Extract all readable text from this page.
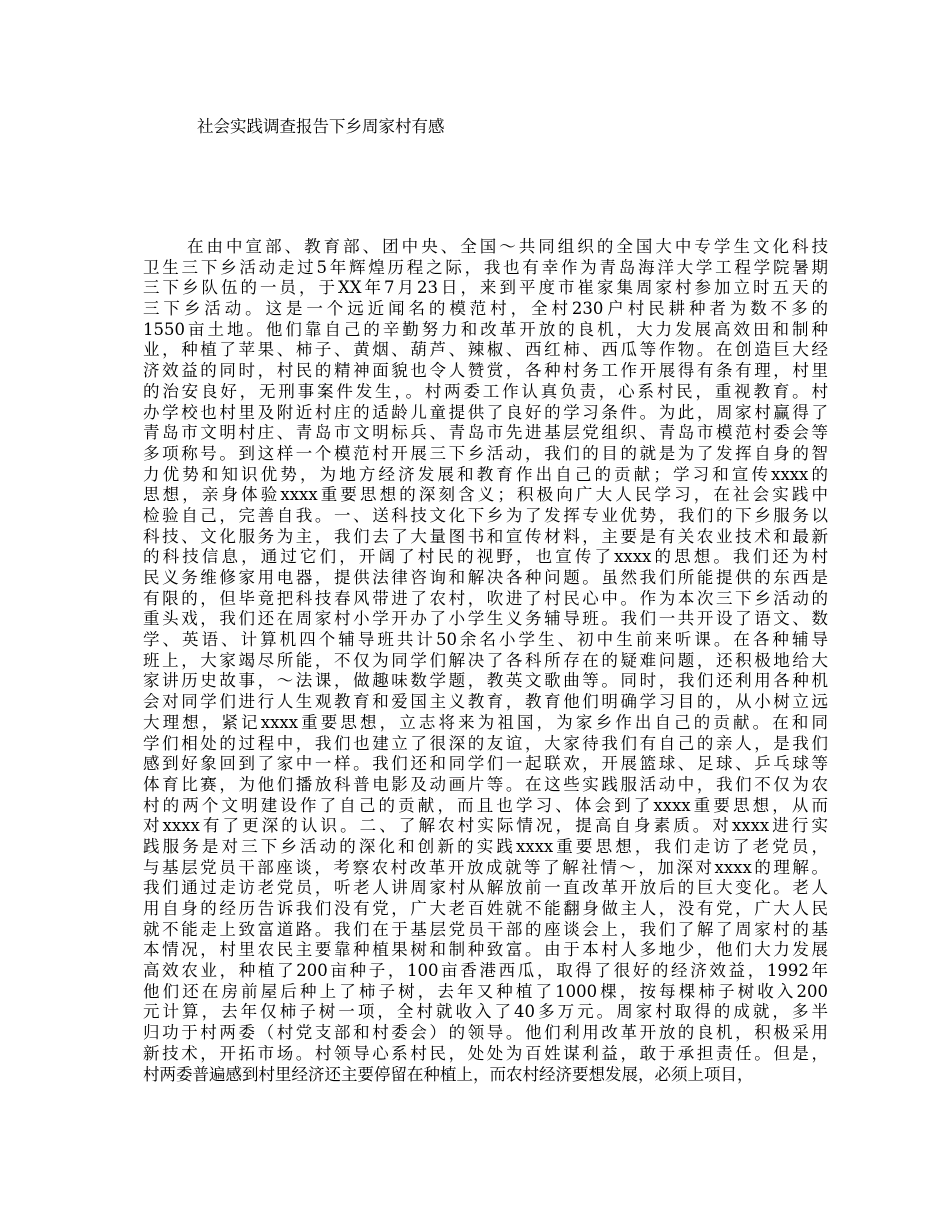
社会实践调查报告下乡周家村有感
在由中宣部、教育部、团中央、全国～共同组织的全国大中专学生文化科技
卫生三下乡活动走过5年辉煌历程之际，我也有幸作为青岛海洋大学工程学院暑期
三下乡队伍的一员，于XX年7月23日，来到平度市崔家集周家村参加立时五天的
三下乡活动。这是一个远近闻名的模范村，全村230户村民耕种者为数不多的
1550亩土地。他们靠自己的辛勤努力和改革开放的良机，大力发展高效田和制种
业，种植了苹果、柿子、黄烟、葫芦、辣椒、西红柿、西瓜等作物。在创造巨大经
济效益的同时，村民的精神面貌也令人赞赏，各种村务工作开展得有条有理，村里
的治安良好，无刑事案件发生，。村两委工作认真负责，心系村民，重视教育。村
办学校也村里及附近村庄的适龄儿童提供了良好的学习条件。为此，周家村赢得了
青岛市文明村庄、青岛市文明标兵、青岛市先进基层党组织、青岛市模范村委会等
多项称号。到这样一个模范村开展三下乡活动，我们的目的就是为了发挥自身的智
力优势和知识优势，为地方经济发展和教育作出自己的贡献；学习和宣传xxxx的
思想，亲身体验xxxx重要思想的深刻含义；积极向广大人民学习，在社会实践中
检验自己，完善自我。一、送科技文化下乡为了发挥专业优势，我们的下乡服务以
科技、文化服务为主，我们去了大量图书和宣传材料，主要是有关农业技术和最新
的科技信息，通过它们，开阔了村民的视野，也宣传了xxxx的思想。我们还为村
民义务维修家用电器，提供法律咨询和解决各种问题。虽然我们所能提供的东西是
有限的，但毕竟把科技春风带进了农村，吹进了村民心中。作为本次三下乡活动的
重头戏，我们还在周家村小学开办了小学生义务辅导班。我们一共开设了语文、数
学、英语、计算机四个辅导班共计50余名小学生、初中生前来听课。在各种辅导
班上，大家竭尽所能，不仅为同学们解决了各科所存在的疑难问题，还积极地给大
家讲历史故事，～法课，做趣味数学题，教英文歌曲等。同时，我们还利用各种机
会对同学们进行人生观教育和爱国主义教育，教育他们明确学习目的，从小树立远
大理想，紧记xxxx重要思想，立志将来为祖国，为家乡作出自己的贡献。在和同
学们相处的过程中，我们也建立了很深的友谊，大家待我们有自己的亲人，是我们
感到好象回到了家中一样。我们还和同学们一起联欢，开展篮球、足球、乒乓球等
体育比赛，为他们播放科普电影及动画片等。在这些实践服活动中，我们不仅为农
村的两个文明建设作了自己的贡献，而且也学习、体会到了xxxx重要思想，从而
对xxxx有了更深的认识。二、了解农村实际情况，提高自身素质。对xxxx进行实
践服务是对三下乡活动的深化和创新的实践xxxx重要思想，我们走访了老党员，
与基层党员干部座谈，考察农村改革开放成就等了解社情～，加深对xxxx的理解。
我们通过走访老党员，听老人讲周家村从解放前一直改革开放后的巨大变化。老人
用自身的经历告诉我们没有党，广大老百姓就不能翻身做主人，没有党，广大人民
就不能走上致富道路。我们在于基层党员干部的座谈会上，我们了解了周家村的基
本情况，村里农民主要靠种植果树和制种致富。由于本村人多地少，他们大力发展
高效农业，种植了200亩种子，100亩香港西瓜，取得了很好的经济效益，1992年
他们还在房前屋后种上了柿子树，去年又种植了1000棵，按每棵柿子树收入200
元计算，去年仅柿子树一项，全村就收入了40多万元。周家村取得的成就，多半
归功于村两委（村党支部和村委会）的领导。他们利用改革开放的良机，积极采用
新技术，开拓市场。村领导心系村民，处处为百姓谋利益，敢于承担责任。但是，
村两委普遍感到村里经济还主要停留在种植上，而农村经济要想发展，必须上项目，
